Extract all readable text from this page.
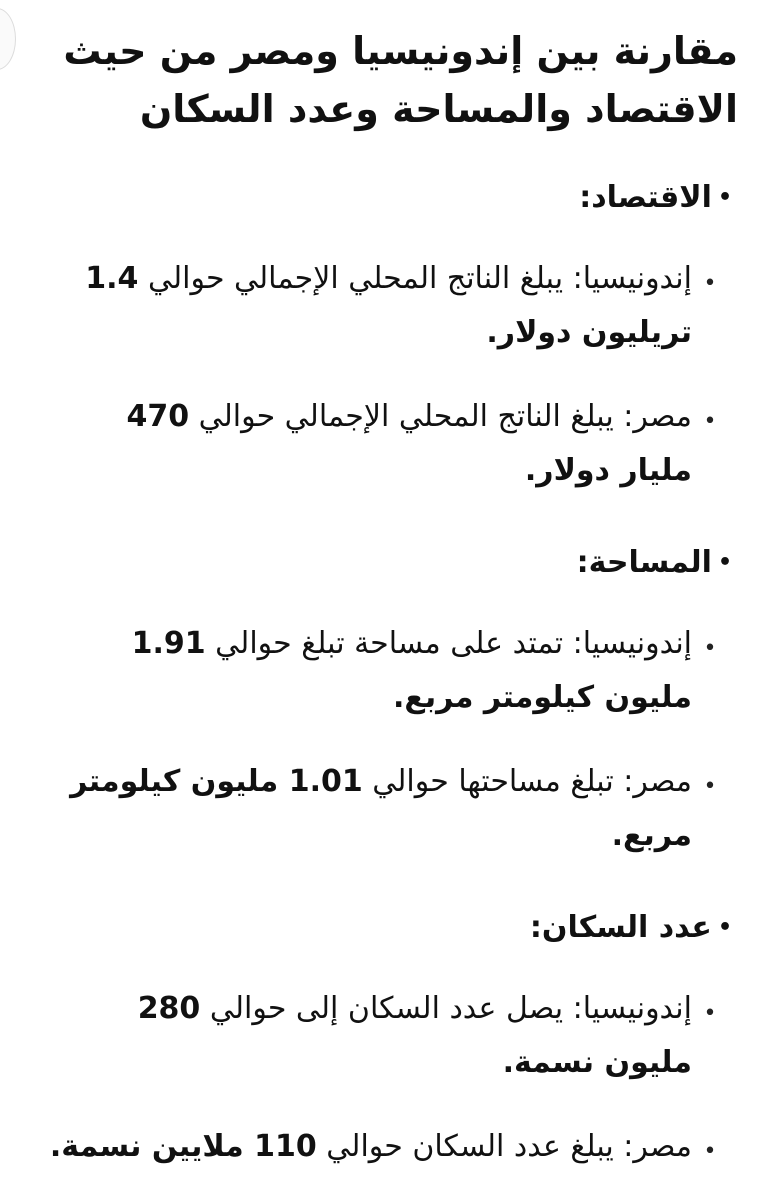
مقارنة بين إندونيسيا ومصر من حيث الاقتصاد والمساحة وعدد السكان
•
الاقتصاد:
•
إندونيسيا: يبلغ الناتج المحلي الإجمالي حوالي 1.4 تريليون دولار.
•
مصر: يبلغ الناتج المحلي الإجمالي حوالي 470 مليار دولار.
•
المساحة:
•
إندونيسيا: تمتد على مساحة تبلغ حوالي 1.91 مليون كيلومتر مربع.
•
مصر: تبلغ مساحتها حوالي 1.01 مليون كيلومتر مربع.
•
عدد السكان:
•
إندونيسيا: يصل عدد السكان إلى حوالي 280 مليون نسمة.
•
مصر: يبلغ عدد السكان حوالي 110 ملايين نسمة.
